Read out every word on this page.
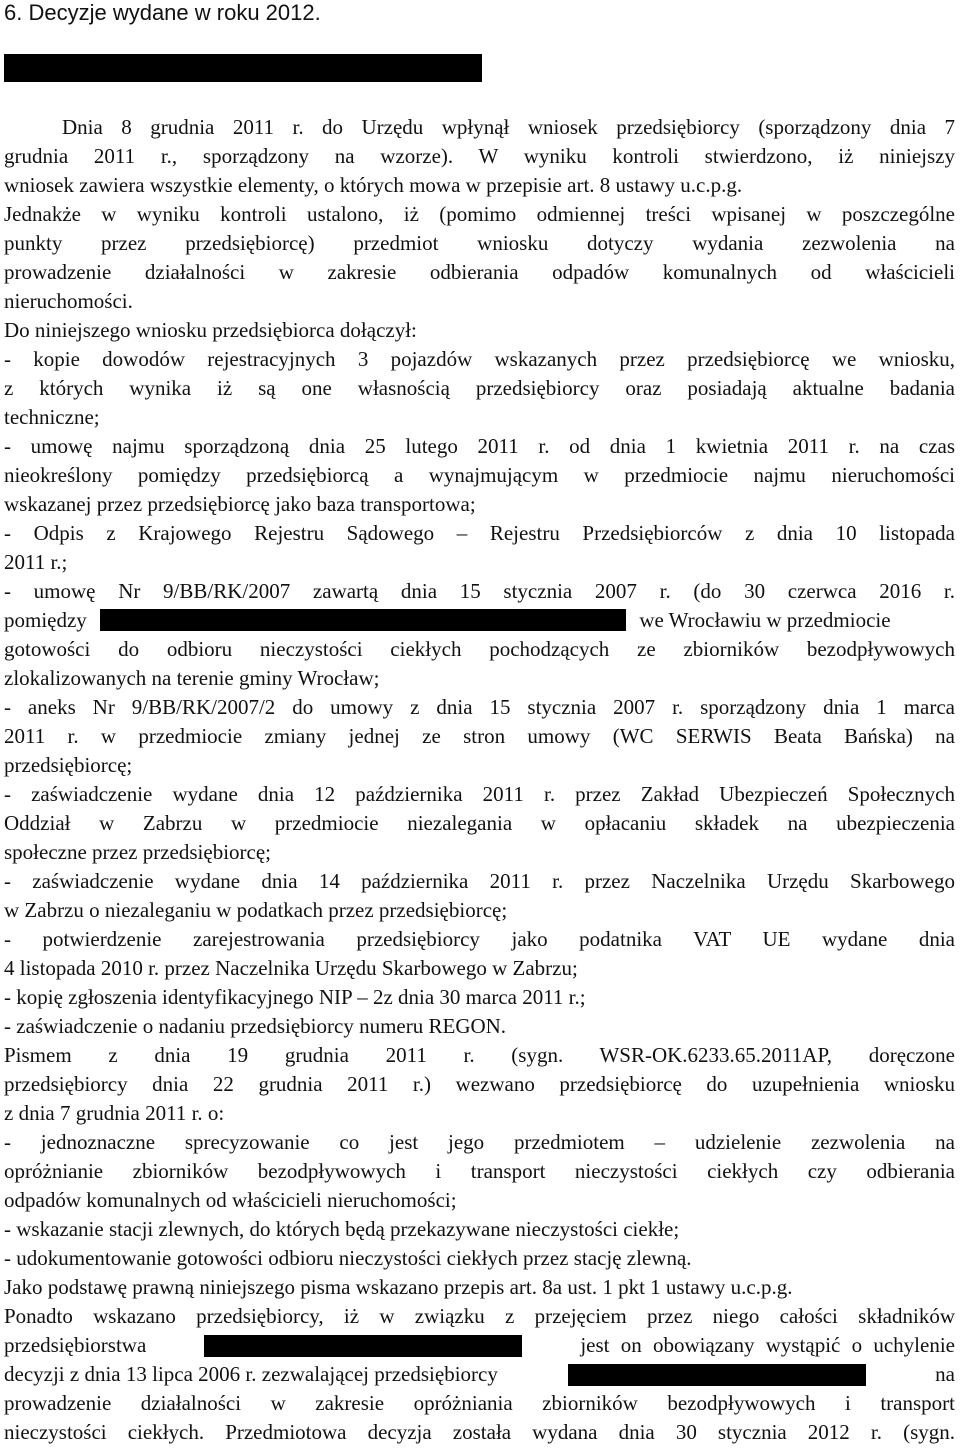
6. Decyzje wydane w roku 2012.
Dnia 8 grudnia 2011 r. do Urzędu wpłynął wniosek przedsiębiorcy (sporządzony dnia 7
grudnia 2011 r., sporządzony na wzorze). W wyniku kontroli stwierdzono, iż niniejszy
wniosek zawiera wszystkie elementy, o których mowa w przepisie art. 8 ustawy u.c.p.g.
Jednakże w wyniku kontroli ustalono, iż (pomimo odmiennej treści wpisanej w poszczególne
punkty przez przedsiębiorcę) przedmiot wniosku dotyczy wydania zezwolenia na
prowadzenie działalności w zakresie odbierania odpadów komunalnych od właścicieli
nieruchomości.
Do niniejszego wniosku przedsiębiorca dołączył:
- kopie dowodów rejestracyjnych 3 pojazdów wskazanych przez przedsiębiorcę we wniosku,
z których wynika iż są one własnością przedsiębiorcy oraz posiadają aktualne badania
techniczne;
- umowę najmu sporządzoną dnia 25 lutego 2011 r. od dnia 1 kwietnia 2011 r. na czas
nieokreślony pomiędzy przedsiębiorcą a wynajmującym w przedmiocie najmu nieruchomości
wskazanej przez przedsiębiorcę jako baza transportowa;
- Odpis z Krajowego Rejestru Sądowego – Rejestru Przedsiębiorców z dnia 10 listopada
2011 r.;
- umowę Nr 9/BB/RK/2007 zawartą dnia 15 stycznia 2007 r. (do 30 czerwca 2016 r.
pomiędzy	we Wrocławiu w przedmiocie
gotowości do odbioru nieczystości ciekłych pochodzących ze zbiorników bezodpływowych
zlokalizowanych na terenie gminy Wrocław;
- aneks Nr 9/BB/RK/2007/2 do umowy z dnia 15 stycznia 2007 r. sporządzony dnia 1 marca
2011 r. w przedmiocie zmiany jednej ze stron umowy (WC SERWIS Beata Bańska) na
przedsiębiorcę;
- zaświadczenie wydane dnia 12 października 2011 r. przez Zakład Ubezpieczeń Społecznych
Oddział w Zabrzu w przedmiocie niezalegania w opłacaniu składek na ubezpieczenia
społeczne przez przedsiębiorcę;
- zaświadczenie wydane dnia 14 października 2011 r. przez Naczelnika Urzędu Skarbowego
w Zabrzu o niezaleganiu w podatkach przez przedsiębiorcę;
- potwierdzenie zarejestrowania przedsiębiorcy jako podatnika VAT UE wydane dnia
4 listopada 2010 r. przez Naczelnika Urzędu Skarbowego w Zabrzu;
- kopię zgłoszenia identyfikacyjnego NIP – 2z dnia 30 marca 2011 r.;
- zaświadczenie o nadaniu przedsiębiorcy numeru REGON.
Pismem z dnia 19 grudnia 2011 r. (sygn. WSR-OK.6233.65.2011AP, doręczone
przedsiębiorcy dnia 22 grudnia 2011 r.) wezwano przedsiębiorcę do uzupełnienia wniosku
z dnia 7 grudnia 2011 r. o:
- jednoznaczne sprecyzowanie co jest jego przedmiotem – udzielenie zezwolenia na
opróżnianie zbiorników bezodpływowych i transport nieczystości ciekłych czy odbierania
odpadów komunalnych od właścicieli nieruchomości;
- wskazanie stacji zlewnych, do których będą przekazywane nieczystości ciekłe;
- udokumentowanie gotowości odbioru nieczystości ciekłych przez stację zlewną.
Jako podstawę prawną niniejszego pisma wskazano przepis art. 8a ust. 1 pkt 1 ustawy u.c.p.g.
Ponadto wskazano przedsiębiorcy, iż w związku z przejęciem przez niego całości składników
przedsiębiorstwa	jest on obowiązany wystąpić o uchylenie
decyzji z dnia 13 lipca 2006 r. zezwalającej przedsiębiorcy	na
prowadzenie działalności w zakresie opróżniania zbiorników bezodpływowych i transport
nieczystości ciekłych. Przedmiotowa decyzja została wydana dnia 30 stycznia 2012 r. (sygn.
